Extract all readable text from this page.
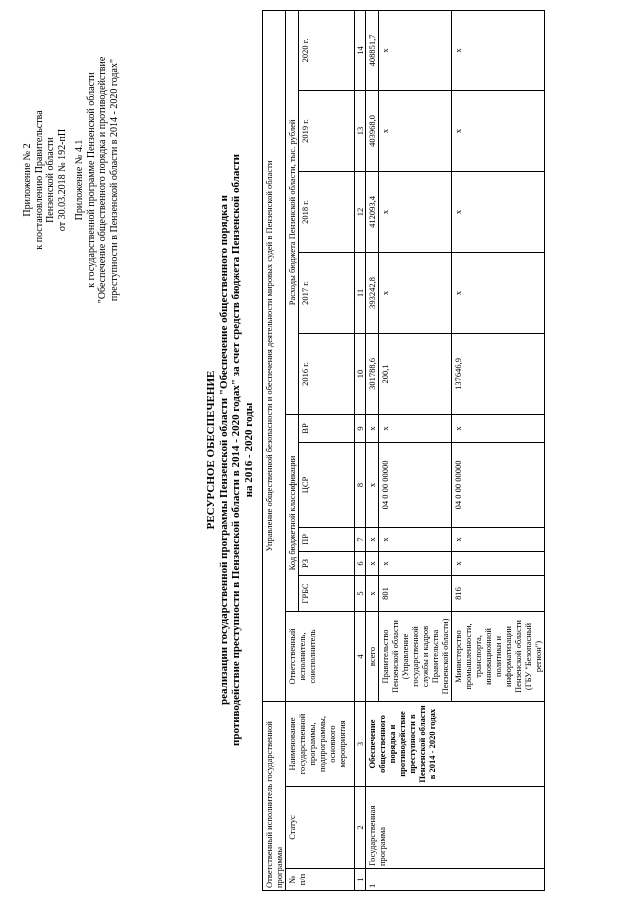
Приложение № 2 к постановлению Правительства Пензенской области от 30.03.2018 № 192-пП Приложение № 4.1 к государственной программе Пензенской области "Обеспечение общественного порядка и противодействие преступности в Пензенской области в 2014 - 2020 годах"
РЕСУРСНОЕ ОБЕСПЕЧЕНИЕ реализации государственной программы Пензенской области "Обеспечение общественного порядка и противодействие преступности в Пензенской области в 2014 - 2020 годах" за счет средств бюджета Пензенской области на 2016 - 2020 годы
Ответственный исполнитель государственной программы			Управление общественной безопасности и обеспечения деятельности мировых судей в Пензенской области										
№ п/п	Статус	Наименование государственной программы, подпрограммы, основного мероприятия	Ответственный исполнитель, соисполнитель	Код бюджетной классификации					Расходы бюджета Пензенской области, тыс. рублей				
				ГРБС	РЗ	ПР	ЦСР	ВР	2016 г.	2017 г.	2018 г.	2019 г.	2020 г.
1	2	3	4	5	6	7	8	9	10	11	12	13	14
1	Государственная программа	Обеспечение общественного порядка и противодействие преступности в Пензенской области в 2014 - 2020 годах	всего	x	x	x	x	x	301788,6	393242,8	412093,4	403968,0	408851,7
			Правительство Пензенской области (Управление государственной службы и кадров Правительства Пензенской области)	801	x	x	04 0 00 00000	x	200,1	x	x	x	x
			Министерство промышленности, транспорта, инновационной политики и информатизации Пензенской области (ГБУ "Безопасный регион")	816	x	x	04 0 00 00000	x	137646,9	x	x	x	x
